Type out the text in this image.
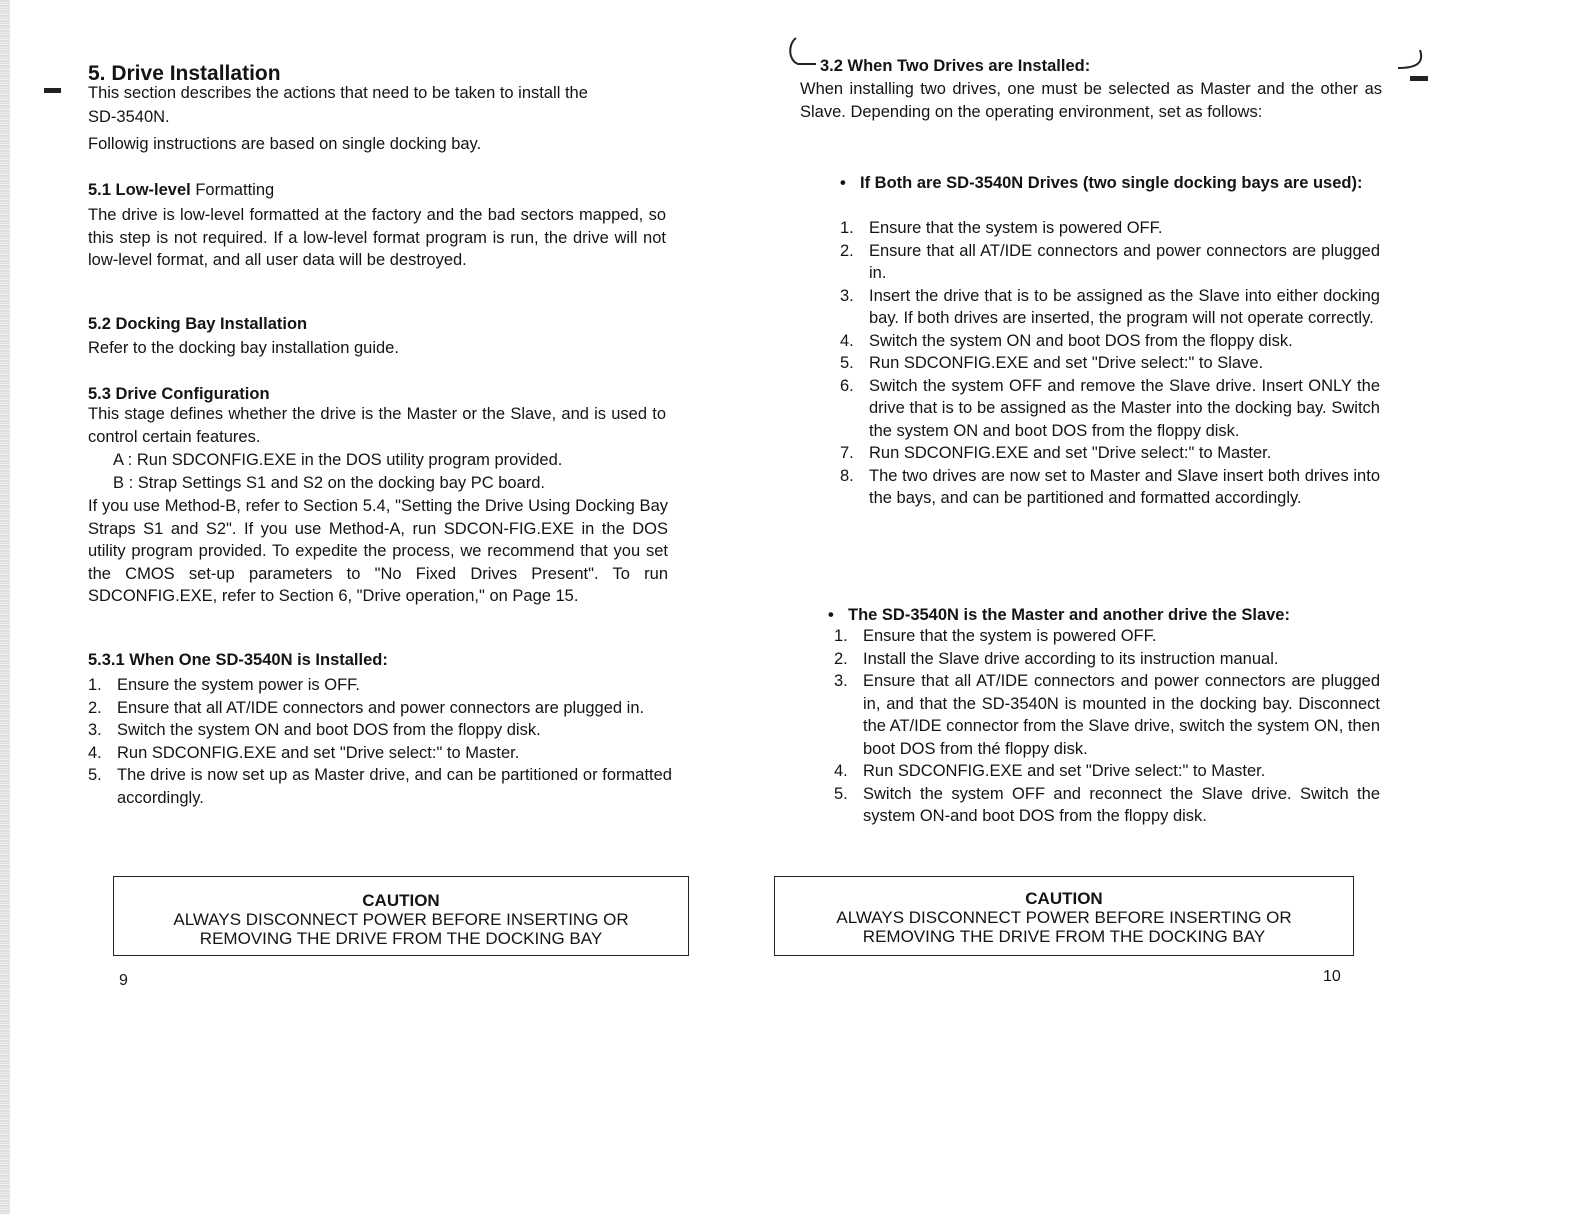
5. Drive Installation
This section describes the actions that need to be taken to install the
SD-3540N.
Followig instructions are based on single docking bay.
5.1 Low-level Formatting
The drive is low-level formatted at the factory and the bad sectors mapped, so this step is not required. If a low-level format program is run, the drive will not low-level format, and all user data will be destroyed.
5.2 Docking Bay Installation
Refer to the docking bay installation guide.
5.3 Drive Configuration
This stage defines whether the drive is the Master or the Slave, and is used to control certain features.
A : Run SDCONFIG.EXE in the DOS utility program provided.
B : Strap Settings S1 and S2 on the docking bay PC board.
If you use Method-B, refer to Section 5.4, "Setting the Drive Using Docking Bay Straps S1 and S2". If you use Method-A, run SDCON-FIG.EXE in the DOS utility program provided. To expedite the process, we recommend that you set the CMOS set-up parameters to "No Fixed Drives Present". To run SDCONFIG.EXE, refer to Section 6, "Drive operation," on Page 15.
5.3.1 When One SD-3540N is Installed:
1. Ensure the system power is OFF.
2. Ensure that all AT/IDE connectors and power connectors are plugged in.
3. Switch the system ON and boot DOS from the floppy disk.
4. Run SDCONFIG.EXE and set "Drive select:" to Master.
5. The drive is now set up as Master drive, and can be partitioned or formatted accordingly.
CAUTION
ALWAYS DISCONNECT POWER BEFORE INSERTING OR
REMOVING THE DRIVE FROM THE DOCKING BAY
9
3.2 When Two Drives are Installed:
When installing two drives, one must be selected as Master and the other as Slave. Depending on the operating environment, set as follows:
• If Both are SD-3540N Drives (two single docking bays are used):
1. Ensure that the system is powered OFF.
2. Ensure that all AT/IDE connectors and power connectors are plugged in.
3. Insert the drive that is to be assigned as the Slave into either docking bay. If both drives are inserted, the program will not operate correctly.
4. Switch the system ON and boot DOS from the floppy disk.
5. Run SDCONFIG.EXE and set "Drive select:" to Slave.
6. Switch the system OFF and remove the Slave drive. Insert ONLY the drive that is to be assigned as the Master into the docking bay. Switch the system ON and boot DOS from the floppy disk.
7. Run SDCONFIG.EXE and set "Drive select:" to Master.
8. The two drives are now set to Master and Slave insert both drives into the bays, and can be partitioned and formatted accordingly.
• The SD-3540N is the Master and another drive the Slave:
1. Ensure that the system is powered OFF.
2. Install the Slave drive according to its instruction manual.
3. Ensure that all AT/IDE connectors and power connectors are plugged in, and that the SD-3540N is mounted in the docking bay. Disconnect the AT/IDE connector from the Slave drive, switch the system ON, then boot DOS from thé floppy disk.
4. Run SDCONFIG.EXE and set "Drive select:" to Master.
5. Switch the system OFF and reconnect the Slave drive. Switch the system ON-and boot DOS from the floppy disk.
CAUTION
ALWAYS DISCONNECT POWER BEFORE INSERTING OR
REMOVING THE DRIVE FROM THE DOCKING BAY
10
